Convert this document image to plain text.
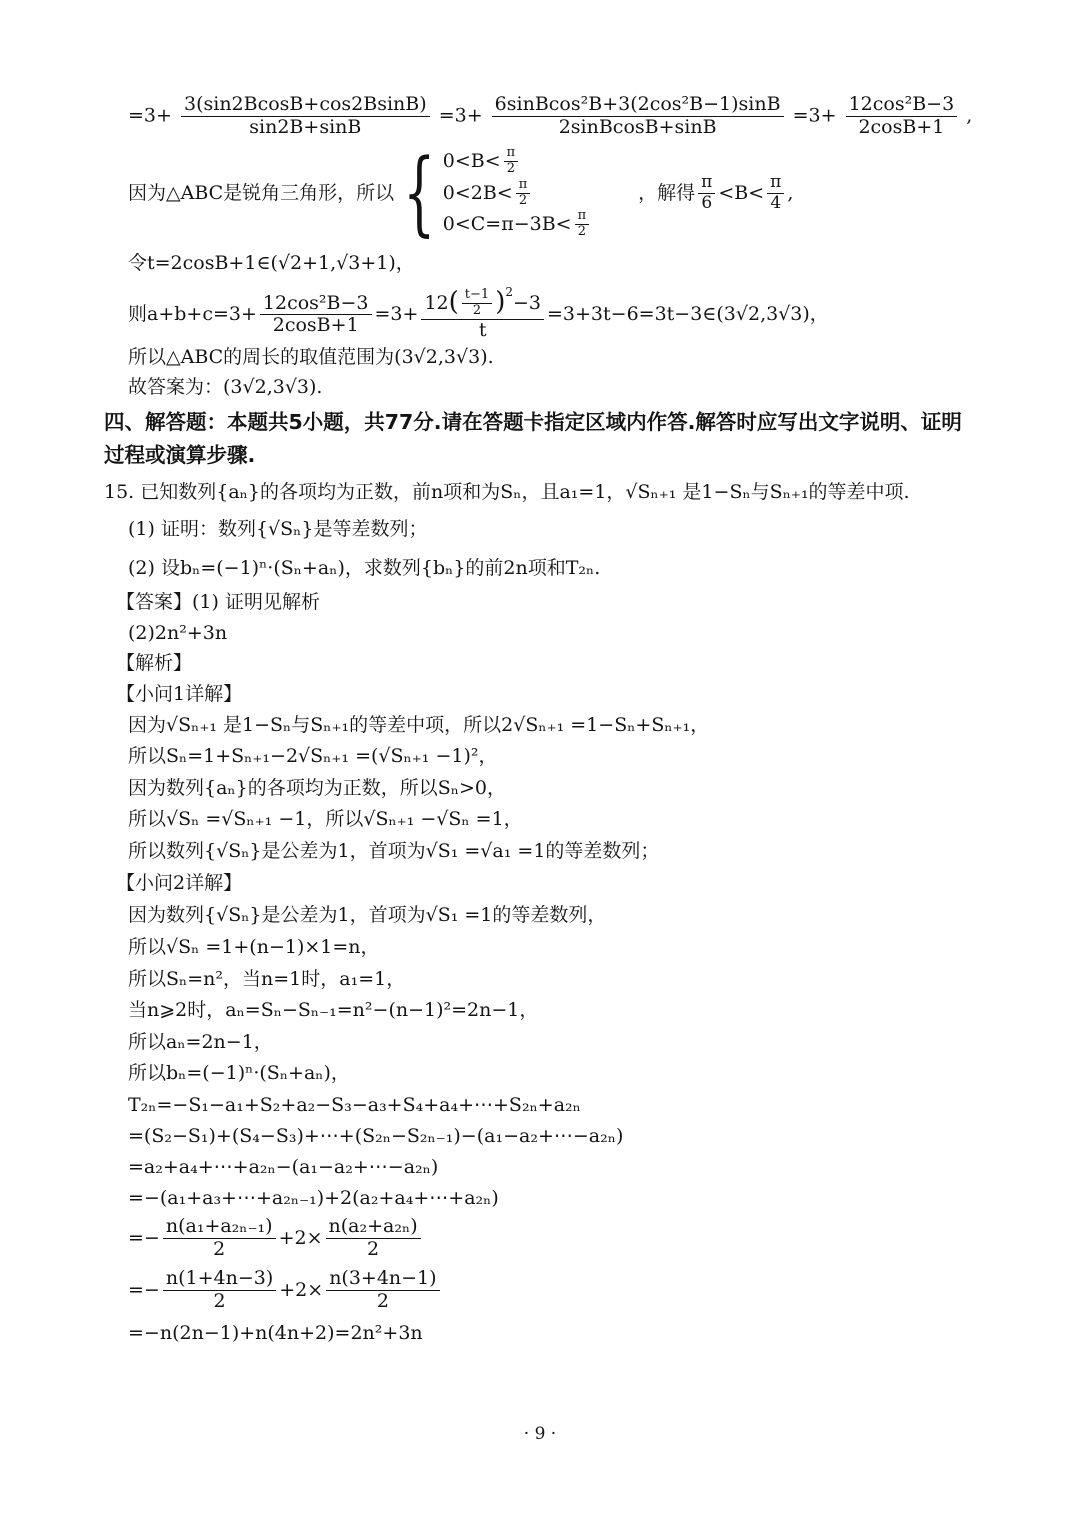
$=3+ \frac{3(\sin 2BcosB+\cos 2BsinB)}{\sin 2B+\sin B} =3+ \frac{\text{6sinBcos²B+3(2cos²B−1)sinB}}{\text{2sinBcosB+sinB}} =3+ \frac{\text{12cos²B−3}}{2\cos B+1}$ ,
因为△ABC是锐角三角形，所以 { $0<B< \frac{\pi}{2}$
$0<2B< \frac{\pi}{2}$
$0<C=\pi-3B< \frac{\pi}{2}$
，解得 $\frac{\pi}{6} <B< \frac{\pi}{4}$ ,
令t=2cosB+1∈(√2+1,√3+1)，
则$a+b+c=3+ \frac{\text{12cos²B−3}}{2\cos B+1} =3+ \frac{12 ( \frac{t-1}{2} ) 2 -3}{t}$ =3+3t−6=3t−3∈(3√2,3√3)，
所以△ABC的周长的取值范围为(3√2,3√3).
故答案为：(3√2,3√3).
四、解答题：本题共5小题，共77分.请在答题卡指定区域内作答.解答时应写出文字说明、证明
过程或演算步骤.
15. 已知数列{aₙ}的各项均为正数，前n项和为Sₙ，且a₁=1，√Sₙ₊₁ 是1−Sₙ与Sₙ₊₁的等差中项.
(1) 证明：数列{√Sₙ}是等差数列；
(2) 设bₙ=(−1)ⁿ·(Sₙ+aₙ)，求数列{bₙ}的前2n项和T₂ₙ.
【答案】(1) 证明见解析
(2)2n²+3n
【解析】
【小问1详解】
因为√Sₙ₊₁ 是1−Sₙ与Sₙ₊₁的等差中项，所以2√Sₙ₊₁ =1−Sₙ+Sₙ₊₁，
所以Sₙ=1+Sₙ₊₁−2√Sₙ₊₁ =(√Sₙ₊₁ −1)²，
因为数列{aₙ}的各项均为正数，所以Sₙ>0，
所以√Sₙ =√Sₙ₊₁ −1，所以√Sₙ₊₁ −√Sₙ =1，
所以数列{√Sₙ}是公差为1，首项为√S₁ =√a₁ =1的等差数列；
【小问2详解】
因为数列{√Sₙ}是公差为1，首项为√S₁ =1的等差数列，
所以√Sₙ =1+(n−1)×1=n，
所以Sₙ=n²，当n=1时，a₁=1，
当n⩾2时，aₙ=Sₙ−Sₙ₋₁=n²−(n−1)²=2n−1，
所以aₙ=2n−1，
所以bₙ=(−1)ⁿ·(Sₙ+aₙ)，
T₂ₙ=−S₁−a₁+S₂+a₂−S₃−a₃+S₄+a₄+⋯+S₂ₙ+a₂ₙ
=(S₂−S₁)+(S₄−S₃)+⋯+(S₂ₙ−S₂ₙ₋₁)−(a₁−a₂+⋯−a₂ₙ)
=a₂+a₄+⋯+a₂ₙ−(a₁−a₂+⋯−a₂ₙ)
=−(a₁+a₃+⋯+a₂ₙ₋₁)+2(a₂+a₄+⋯+a₂ₙ)
=− $\frac{\text{n(a₁+a₂ₙ₋₁)}}{2} +2\times \frac{\text{n(a₂+a₂ₙ)}}{2}$
=− $\frac{n(1+4n-3)}{2} +2\times \frac{n(3+4n-1)}{2}$
=−n(2n−1)+n(4n+2)=2n²+3n
· 9 ·
